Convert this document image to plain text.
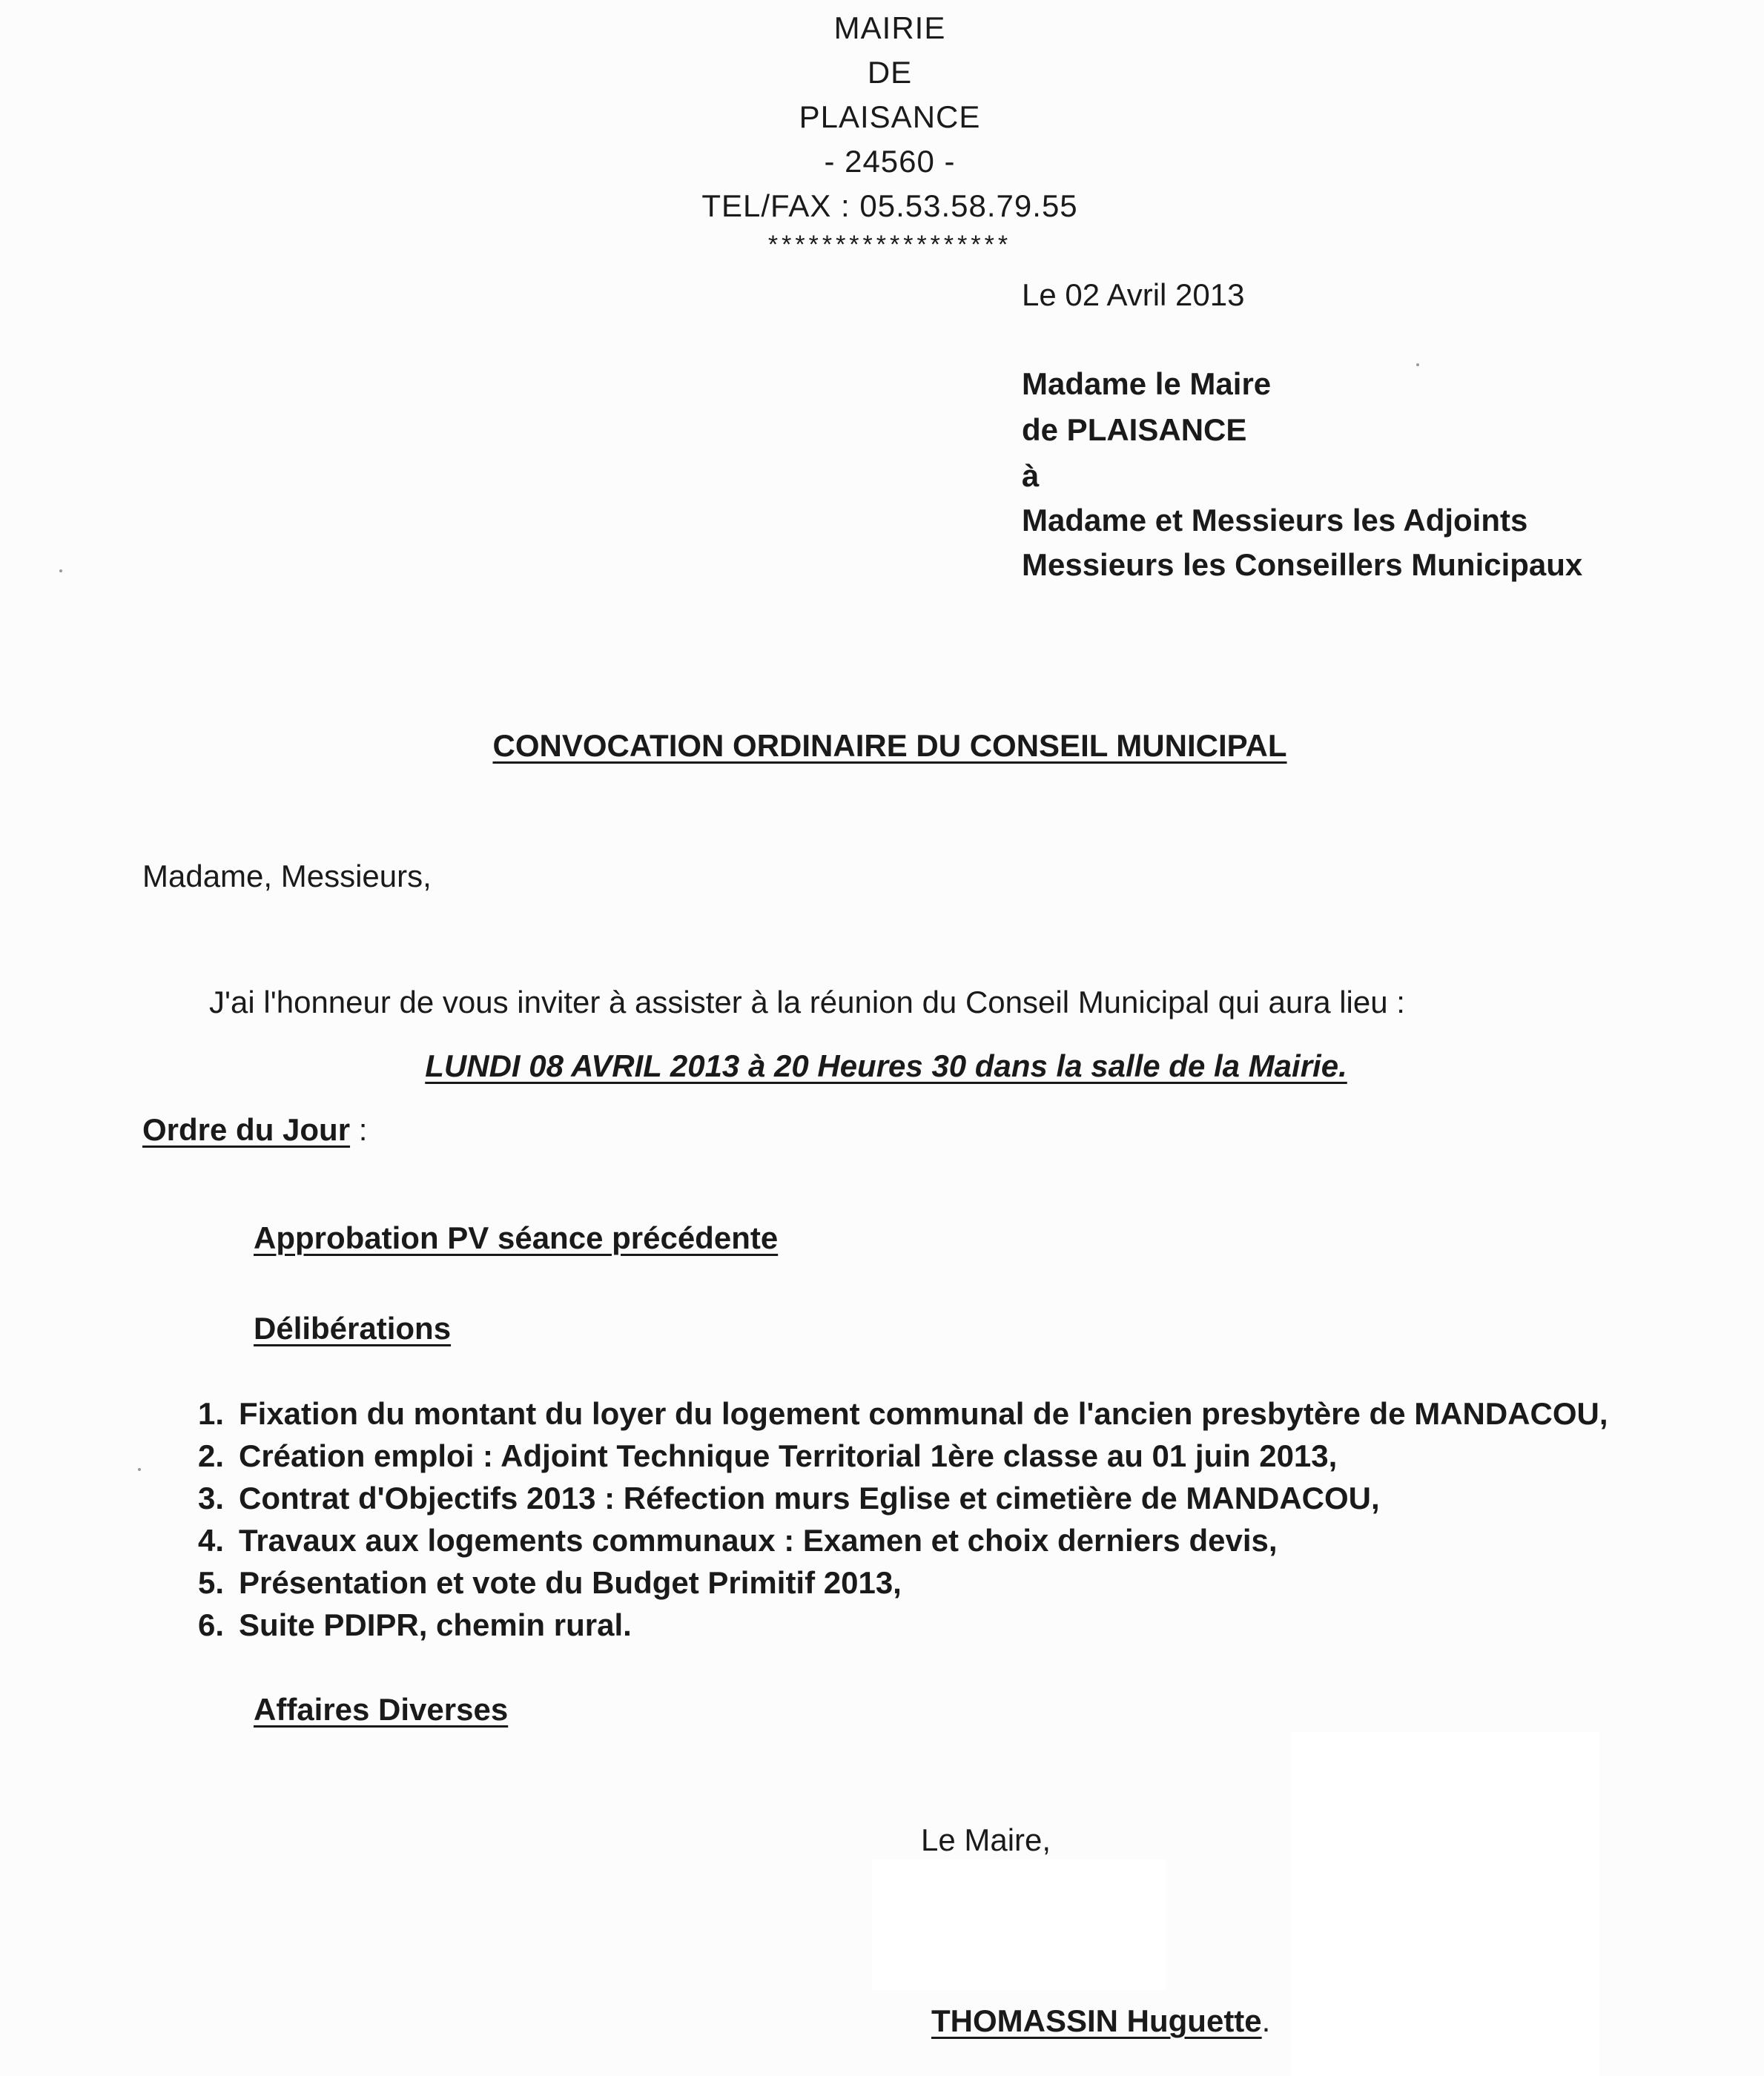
MAIRIE
DE
PLAISANCE
- 24560 -
TEL/FAX : 05.53.58.79.55
******************
Le 02 Avril 2013
Madame le Maire
de PLAISANCE
à
Madame et Messieurs les Adjoints
Messieurs les Conseillers Municipaux
CONVOCATION ORDINAIRE DU CONSEIL MUNICIPAL
Madame, Messieurs,
J'ai l'honneur de vous inviter à assister à la réunion du Conseil Municipal qui aura lieu :
LUNDI 08 AVRIL 2013 à 20 Heures 30 dans la salle de la Mairie.
Ordre du Jour :
Approbation PV séance précédente
Délibérations
1. Fixation du montant du loyer du logement communal de l'ancien presbytère de MANDACOU,
2. Création emploi : Adjoint Technique Territorial 1ère classe au 01 juin 2013,
3. Contrat d'Objectifs 2013 : Réfection murs Eglise et cimetière de MANDACOU,
4. Travaux aux logements communaux : Examen et choix derniers devis,
5. Présentation et vote du Budget Primitif 2013,
6. Suite PDIPR, chemin rural.
Affaires Diverses
Le Maire,
THOMASSIN Huguette.
